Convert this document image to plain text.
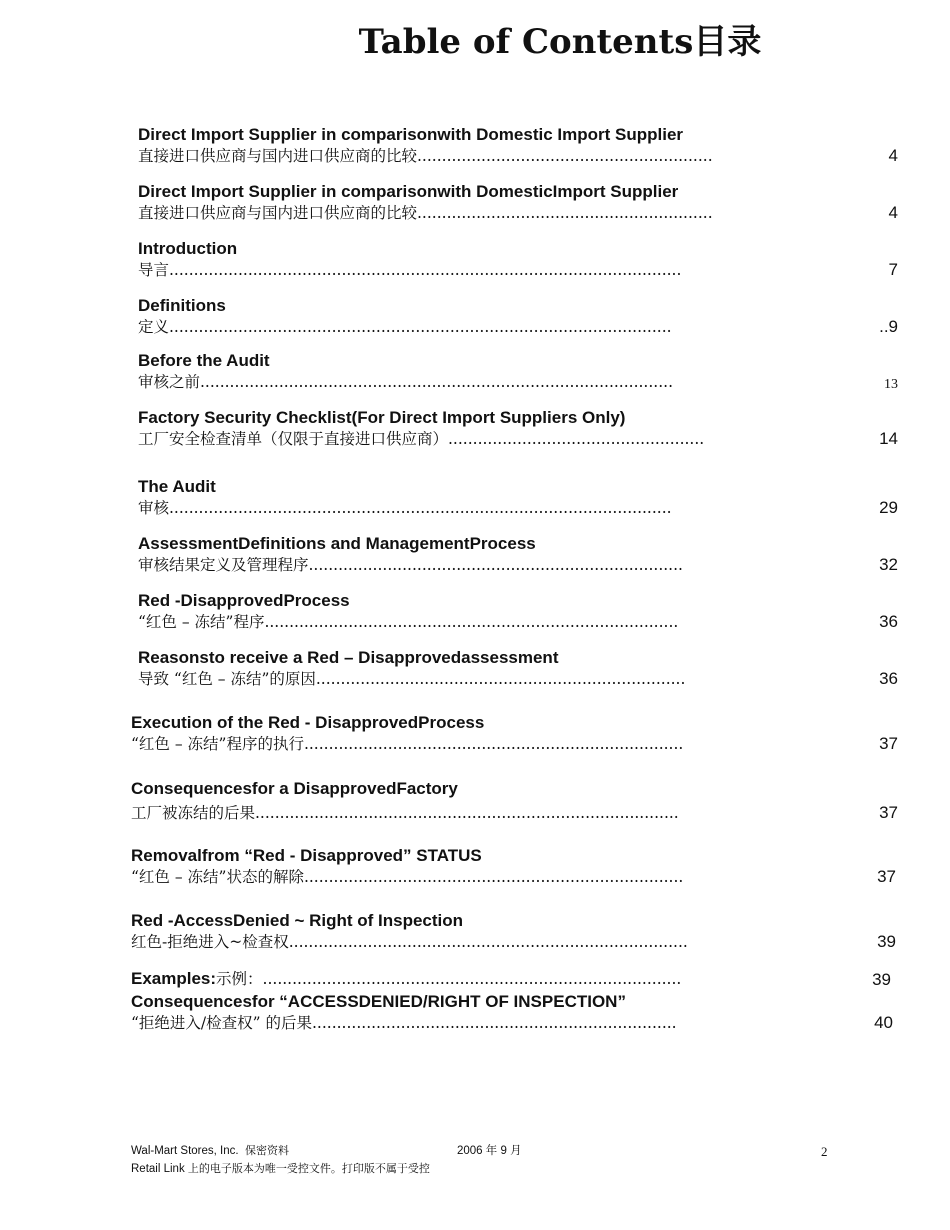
Table of Contents目录
Direct Import Supplier in comparisonwith Domestic Import Supplier
直接进口供应商与国内进口供应商的比较............................................................	4
Direct Import Supplier in comparisonwith DomesticImport Supplier
直接进口供应商与国内进口供应商的比较............................................................	4
Introduction
导言........................................................................................................	7
Definitions
定义......................................................................................................	..9
Before the Audit
审核之前................................................................................................	13
Factory Security Checklist(For Direct Import Suppliers Only)
工厂安全检查清单（仅限于直接进口供应商）....................................................	14
The Audit
审核......................................................................................................	29
AssessmentDefinitions and ManagementProcess
审核结果定义及管理程序............................................................................	32
Red -DisapprovedProcess
“红色 – 冻结”程序....................................................................................	36
Reasonsto receive a Red – Disapprovedassessment
导致 “红色 – 冻结”的原因...........................................................................	36
Execution of the Red - DisapprovedProcess
“红色 – 冻结”程序的执行.............................................................................	37
Consequencesfor a DisapprovedFactory
工厂被冻结的后果......................................................................................	37
Removalfrom “Red - Disapproved” STATUS
“红色 – 冻结”状态的解除.............................................................................	37
Red -AccessDenied ~ Right of Inspection
红色-拒绝进入~检查权.................................................................................	39
Examples:示例：.....................................................................................	39
Consequencesfor “ACCESSDENIED/RIGHT OF INSPECTION”
“拒绝进入/检查权” 的后果..........................................................................	40
Wal-Mart Stores, Inc. 保密资料
Retail Link 上的电子版本为唯一受控文件。打印版不属于受控
2006 年 9 月	2
